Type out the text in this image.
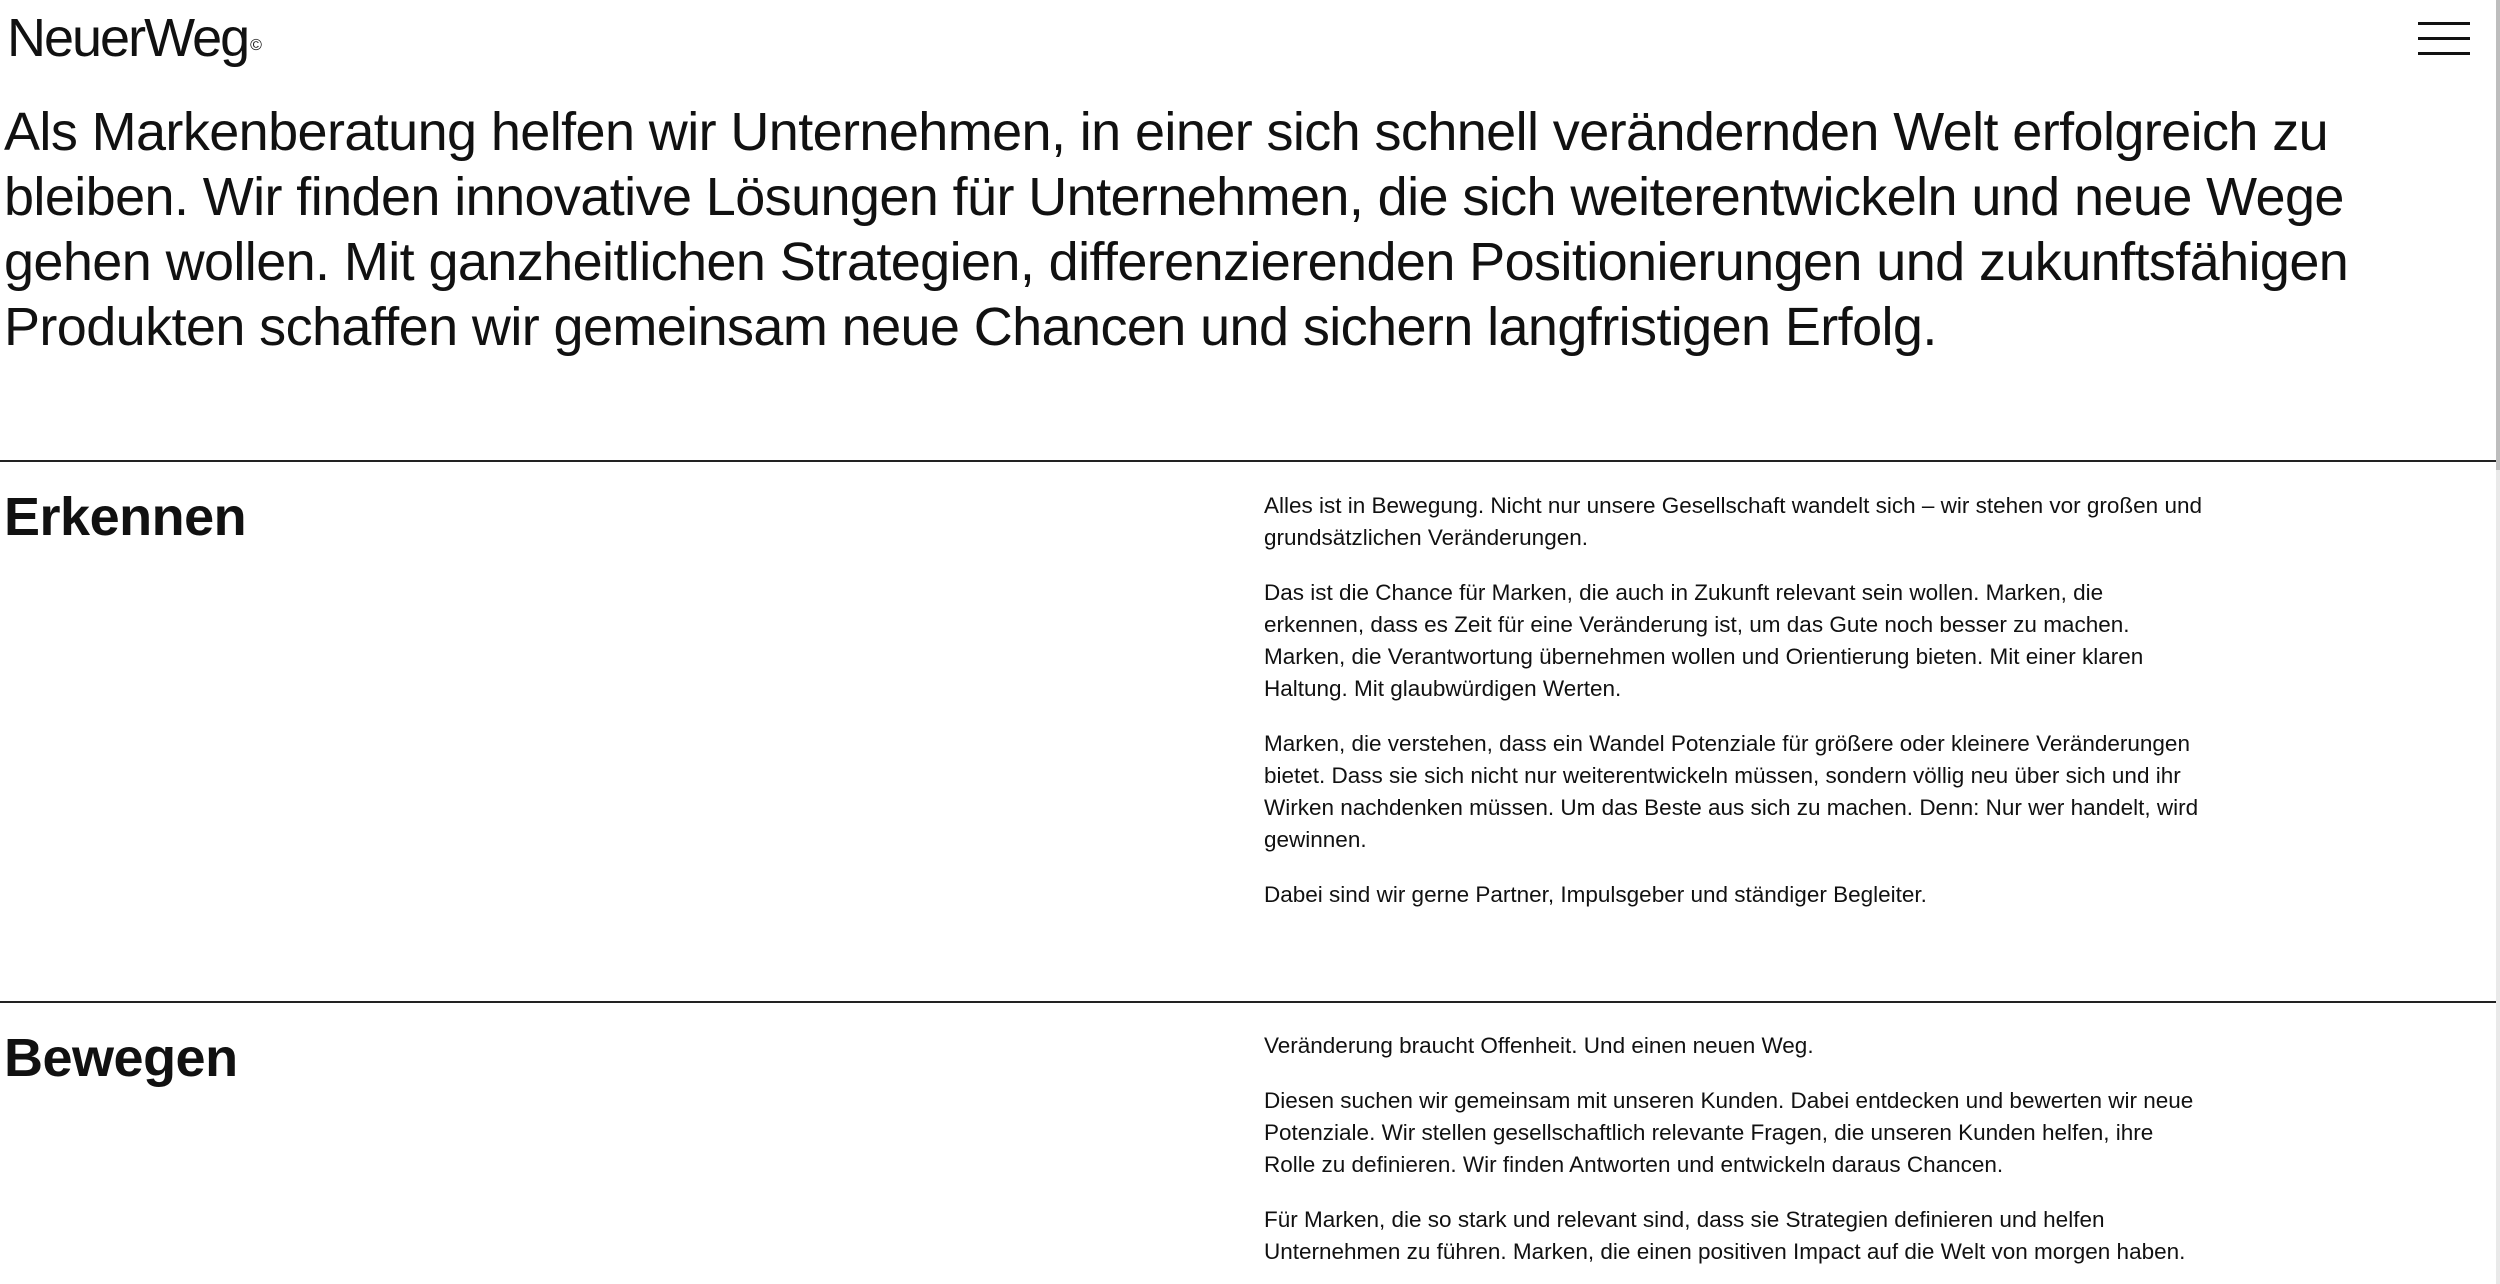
NeuerWeg ©

Als Markenberatung helfen wir Unternehmen, in einer sich schnell verändernden Welt erfolgreich zu bleiben. Wir finden innovative Lösungen für Unternehmen, die sich weiterentwickeln und neue Wege gehen wollen. Mit ganzheitlichen Strategien, differenzierenden Positionierungen und zukunftsfähigen Produkten schaffen wir gemeinsam neue Chancen und sichern langfristigen Erfolg.

Erkennen	Alles ist in Bewegung. Nicht nur unsere Gesellschaft wandelt sich – wir stehen vor großen und grundsätzlichen Veränderungen.

Das ist die Chance für Marken, die auch in Zukunft relevant sein wollen. Marken, die erkennen, dass es Zeit für eine Veränderung ist, um das Gute noch besser zu machen. Marken, die Verantwortung übernehmen wollen und Orientierung bieten. Mit einer klaren Haltung. Mit glaubwürdigen Werten.

Marken, die verstehen, dass ein Wandel Potenziale für größere oder kleinere Veränderungen bietet. Dass sie sich nicht nur weiterentwickeln müssen, sondern völlig neu über sich und ihr Wirken nachdenken müssen. Um das Beste aus sich zu machen. Denn: Nur wer handelt, wird gewinnen.

Dabei sind wir gerne Partner, Impulsgeber und ständiger Begleiter.

Bewegen	Veränderung braucht Offenheit. Und einen neuen Weg.

Diesen suchen wir gemeinsam mit unseren Kunden. Dabei entdecken und bewerten wir neue Potenziale. Wir stellen gesellschaftlich relevante Fragen, die unseren Kunden helfen, ihre Rolle zu definieren. Wir finden Antworten und entwickeln daraus Chancen.

Für Marken, die so stark und relevant sind, dass sie Strategien definieren und helfen Unternehmen zu führen. Marken, die einen positiven Impact auf die Welt von morgen haben.
